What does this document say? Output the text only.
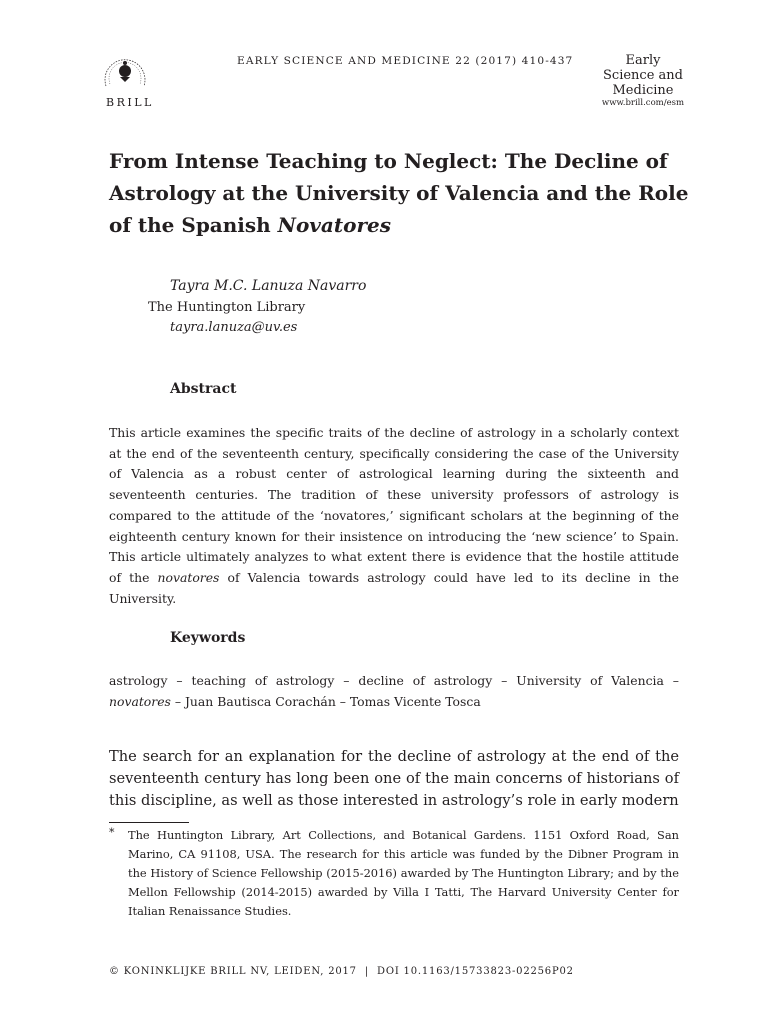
BRILL
EARLY SCIENCE AND MEDICINE 22 (2017) 410-437	Early
Science and
Medicine
www.brill.com/esm
From Intense Teaching to Neglect: The Decline of Astrology at the University of Valencia and the Role of the Spanish Novatores
Tayra M.C. Lanuza Navarro
The Huntington Library
tayra.lanuza@uv.es
Abstract

This article examines the specific traits of the decline of astrology in a scholarly context at the end of the seventeenth century, specifically considering the case of the University of Valencia as a robust center of astrological learning during the sixteenth and seventeenth centuries. The tradition of these university professors of astrology is compared to the attitude of the ‘novatores,’ significant scholars at the beginning of the eighteenth century known for their insistence on introducing the ‘new science’ to Spain. This article ultimately analyzes to what extent there is evidence that the hostile attitude of the novatores of Valencia towards astrology could have led to its decline in the University.

Keywords

astrology – teaching of astrology – decline of astrology – University of Valencia – novatores – Juan Bautisca Corachán – Tomas Vicente Tosca

The search for an explanation for the decline of astrology at the end of the seventeenth century has long been one of the main concerns of historians of this discipline, as well as those interested in astrology’s role in early modern

* The Huntington Library, Art Collections, and Botanical Gardens. 1151 Oxford Road, San Marino, CA 91108, USA. The research for this article was funded by the Dibner Program in the History of Science Fellowship (2015-2016) awarded by The Huntington Library; and by the Mellon Fellowship (2014-2015) awarded by Villa I Tatti, The Harvard University Center for Italian Renaissance Studies.

© KONINKLIJKE BRILL NV, LEIDEN, 2017 | DOI 10.1163/15733823-02256P02
